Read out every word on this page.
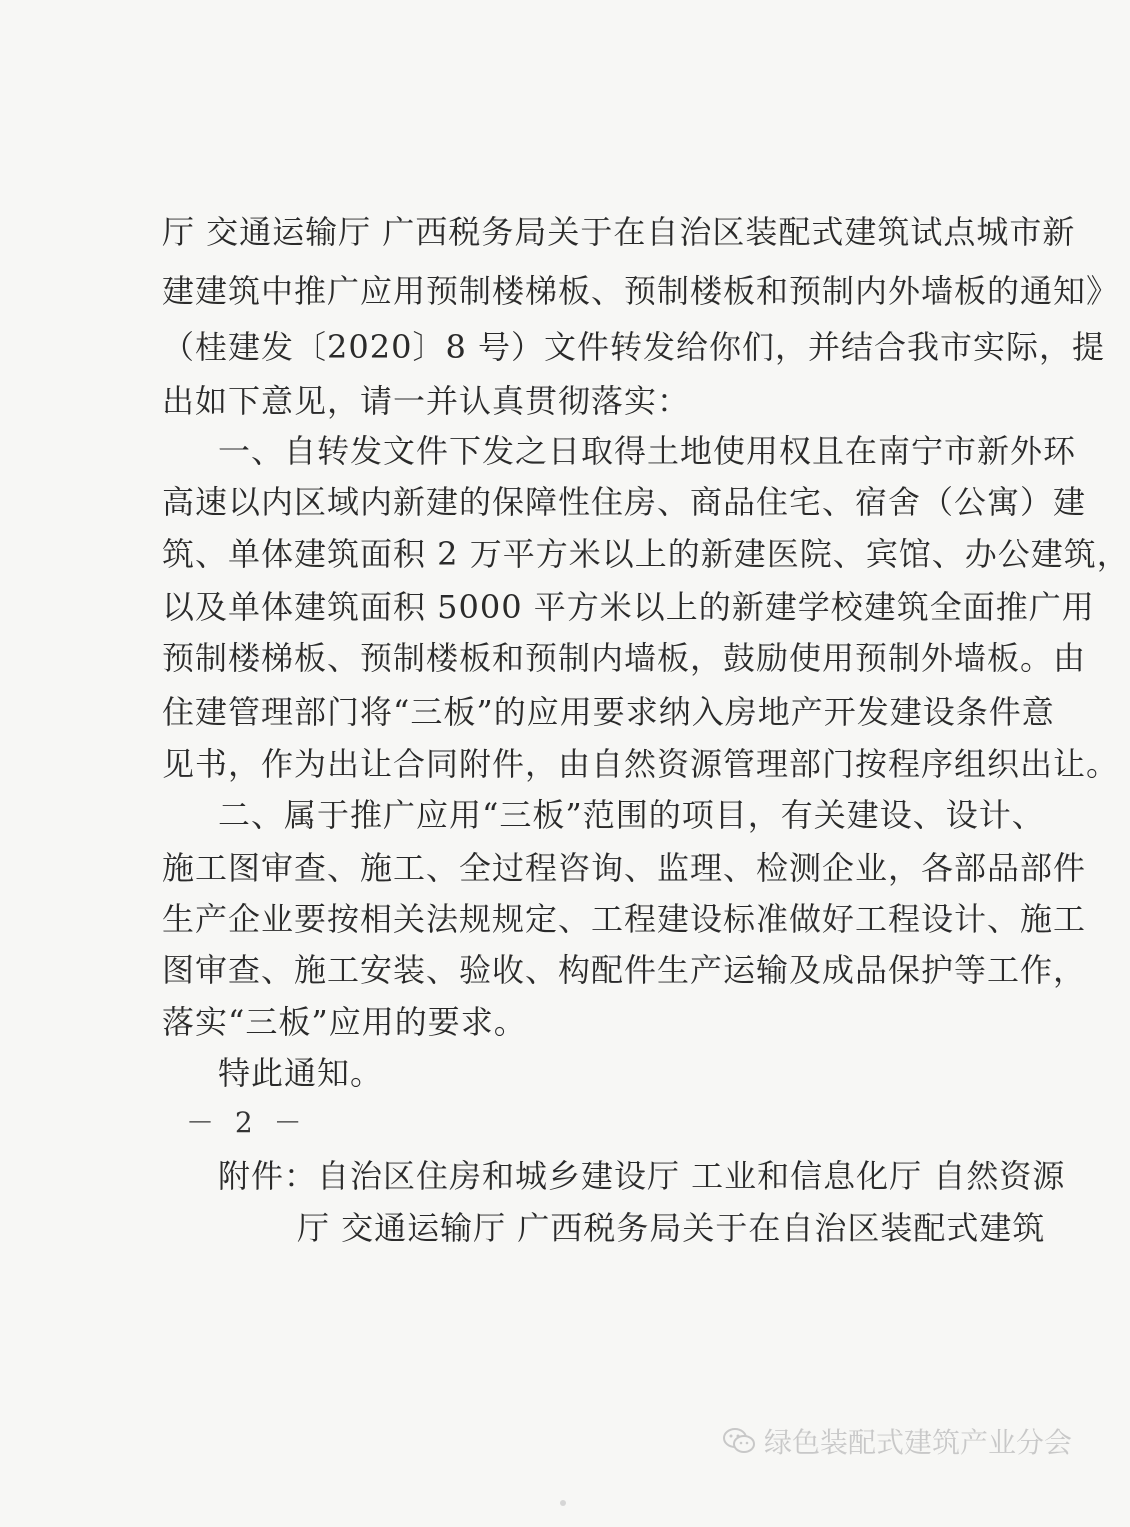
厅 交通运输厅 广西税务局关于在自治区装配式建筑试点城市新
建建筑中推广应用预制楼梯板、预制楼板和预制内外墙板的通知》
（桂建发〔2020〕8 号）文件转发给你们，并结合我市实际，提
出如下意见，请一并认真贯彻落实：
一、自转发文件下发之日取得土地使用权且在南宁市新外环
高速以内区域内新建的保障性住房、商品住宅、宿舍（公寓）建
筑、单体建筑面积 2 万平方米以上的新建医院、宾馆、办公建筑，
以及单体建筑面积 5000 平方米以上的新建学校建筑全面推广用
预制楼梯板、预制楼板和预制内墙板，鼓励使用预制外墙板。由
住建管理部门将“三板”的应用要求纳入房地产开发建设条件意
见书，作为出让合同附件，由自然资源管理部门按程序组织出让。
二、属于推广应用“三板”范围的项目，有关建设、设计、
施工图审查、施工、全过程咨询、监理、检测企业，各部品部件
生产企业要按相关法规规定、工程建设标准做好工程设计、施工
图审查、施工安装、验收、构配件生产运输及成品保护等工作，
落实“三板”应用的要求。
特此通知。
附件：自治区住房和城乡建设厅 工业和信息化厅 自然资源
厅 交通运输厅 广西税务局关于在自治区装配式建筑
－ 2 －
绿色装配式建筑产业分会
